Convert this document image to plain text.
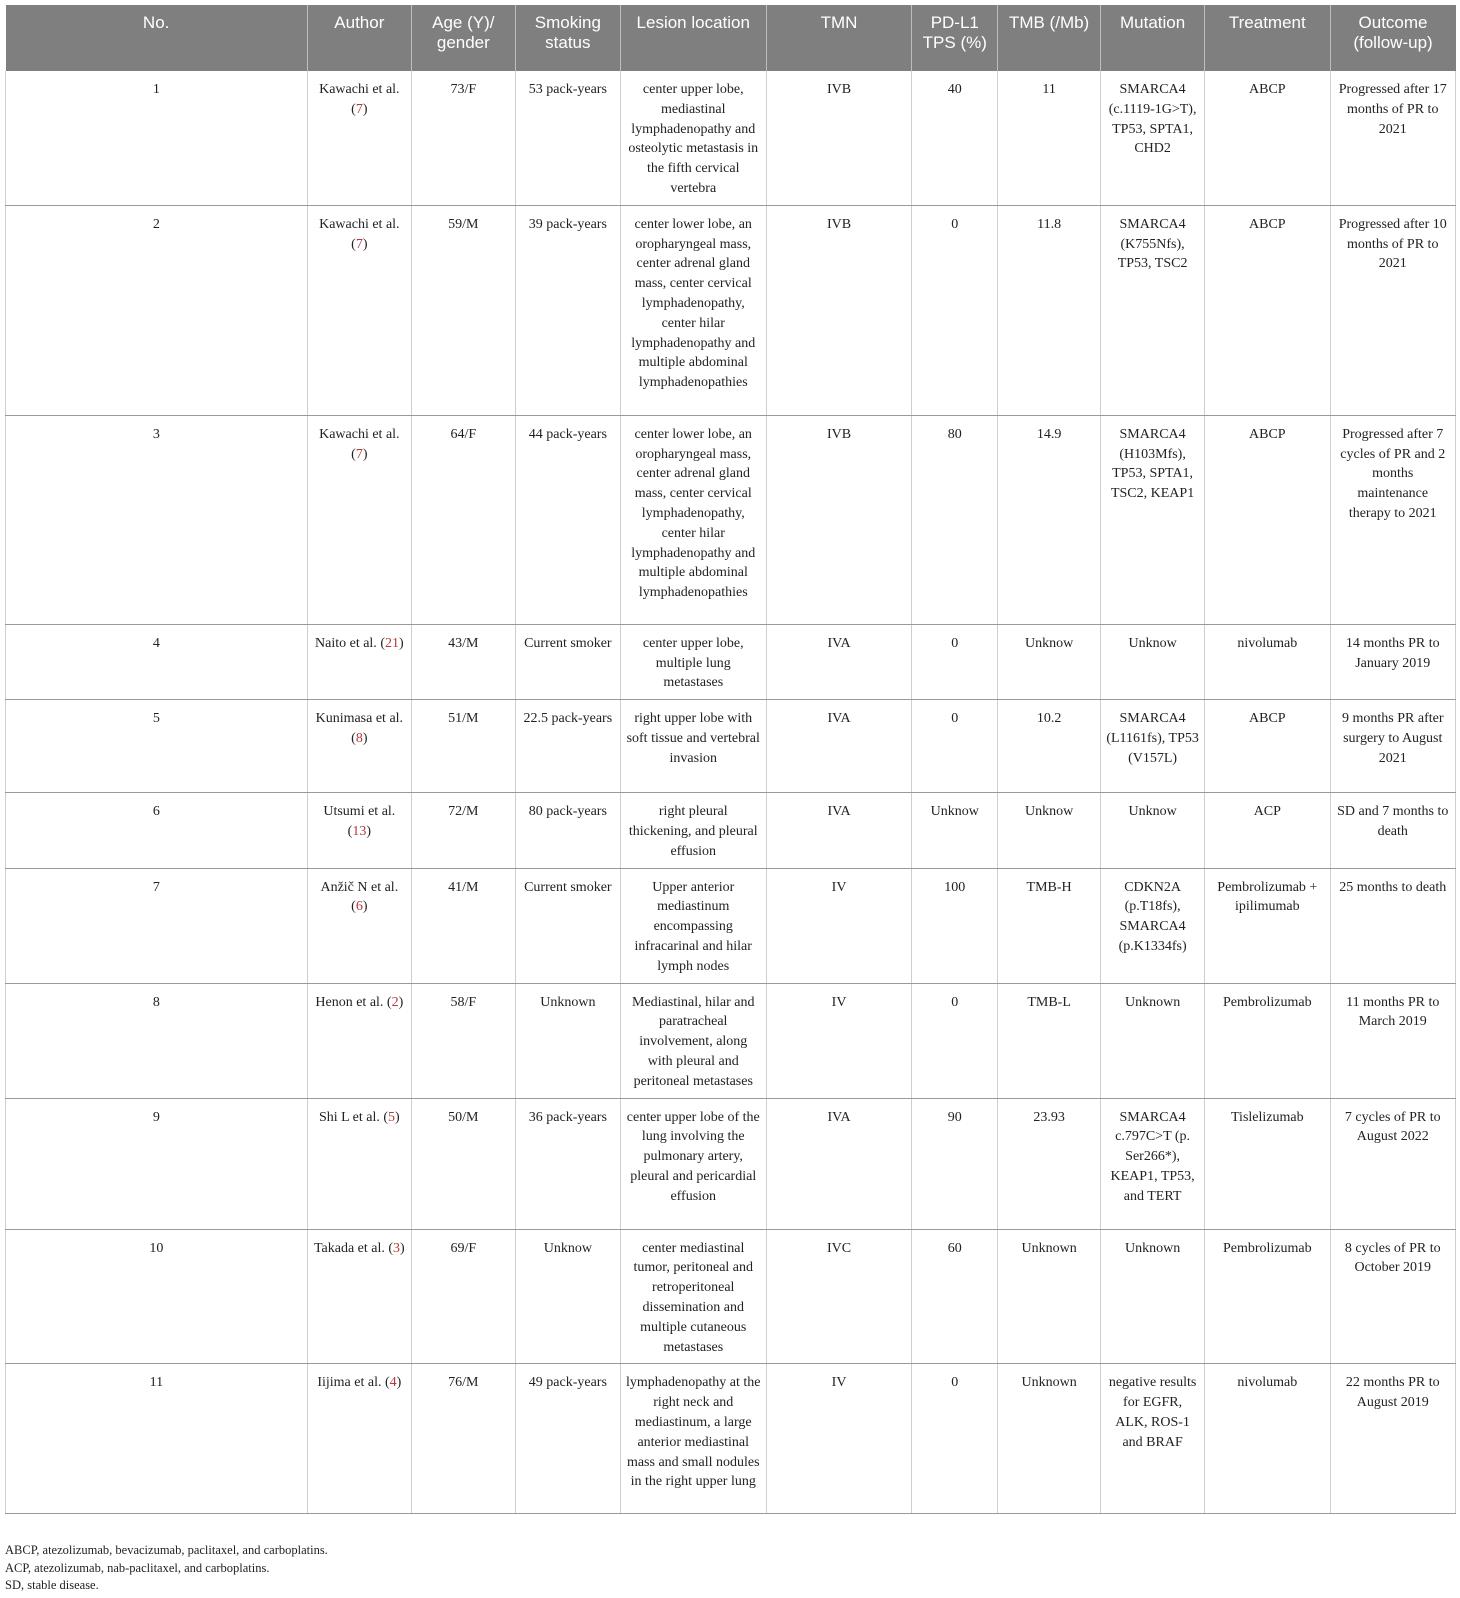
No.	Author	Age (Y)/ gender	Smoking status	Lesion location	TMN	PD-L1 TPS (%)	TMB (/Mb)	Mutation	Treatment	Outcome (follow-up)
1	Kawachi et al. (7)	73/F	53 pack-years	center upper lobe, mediastinal lymphadenopathy and osteolytic metastasis in the fifth cervical vertebra	IVB	40	11	SMARCA4 (c.1119-1G>T), TP53, SPTA1, CHD2	ABCP	Progressed after 17 months of PR to 2021
2	Kawachi et al. (7)	59/M	39 pack-years	center lower lobe, an oropharyngeal mass, center adrenal gland mass, center cervical lymphadenopathy, center hilar lymphadenopathy and multiple abdominal lymphadenopathies	IVB	0	11.8	SMARCA4 (K755Nfs), TP53, TSC2	ABCP	Progressed after 10 months of PR to 2021
3	Kawachi et al. (7)	64/F	44 pack-years	center lower lobe, an oropharyngeal mass, center adrenal gland mass, center cervical lymphadenopathy, center hilar lymphadenopathy and multiple abdominal lymphadenopathies	IVB	80	14.9	SMARCA4 (H103Mfs), TP53, SPTA1, TSC2, KEAP1	ABCP	Progressed after 7 cycles of PR and 2 months maintenance therapy to 2021
4	Naito et al. (21)	43/M	Current smoker	center upper lobe, multiple lung metastases	IVA	0	Unknow	Unknow	nivolumab	14 months PR to January 2019
5	Kunimasa et al. (8)	51/M	22.5 pack-years	right upper lobe with soft tissue and vertebral invasion	IVA	0	10.2	SMARCA4 (L1161fs), TP53 (V157L)	ABCP	9 months PR after surgery to August 2021
6	Utsumi et al. (13)	72/M	80 pack-years	right pleural thickening, and pleural effusion	IVA	Unknow	Unknow	Unknow	ACP	SD and 7 months to death
7	Anžič N et al. (6)	41/M	Current smoker	Upper anterior mediastinum encompassing infracarinal and hilar lymph nodes	IV	100	TMB-H	CDKN2A (p.T18fs), SMARCA4 (p.K1334fs)	Pembrolizumab + ipilimumab	25 months to death
8	Henon et al. (2)	58/F	Unknown	Mediastinal, hilar and paratracheal involvement, along with pleural and peritoneal metastases	IV	0	TMB-L	Unknown	Pembrolizumab	11 months PR to March 2019
9	Shi L et al. (5)	50/M	36 pack-years	center upper lobe of the lung involving the pulmonary artery, pleural and pericardial effusion	IVA	90	23.93	SMARCA4 c.797C>T (p. Ser266*), KEAP1, TP53, and TERT	Tislelizumab	7 cycles of PR to August 2022
10	Takada et al. (3)	69/F	Unknow	center mediastinal tumor, peritoneal and retroperitoneal dissemination and multiple cutaneous metastases	IVC	60	Unknown	Unknown	Pembrolizumab	8 cycles of PR to October 2019
11	Iijima et al. (4)	76/M	49 pack-years	lymphadenopathy at the right neck and mediastinum, a large anterior mediastinal mass and small nodules in the right upper lung	IV	0	Unknown	negative results for EGFR, ALK, ROS-1 and BRAF	nivolumab	22 months PR to August 2019
ABCP, atezolizumab, bevacizumab, paclitaxel, and carboplatins.
ACP, atezolizumab, nab-paclitaxel, and carboplatins.
SD, stable disease.
